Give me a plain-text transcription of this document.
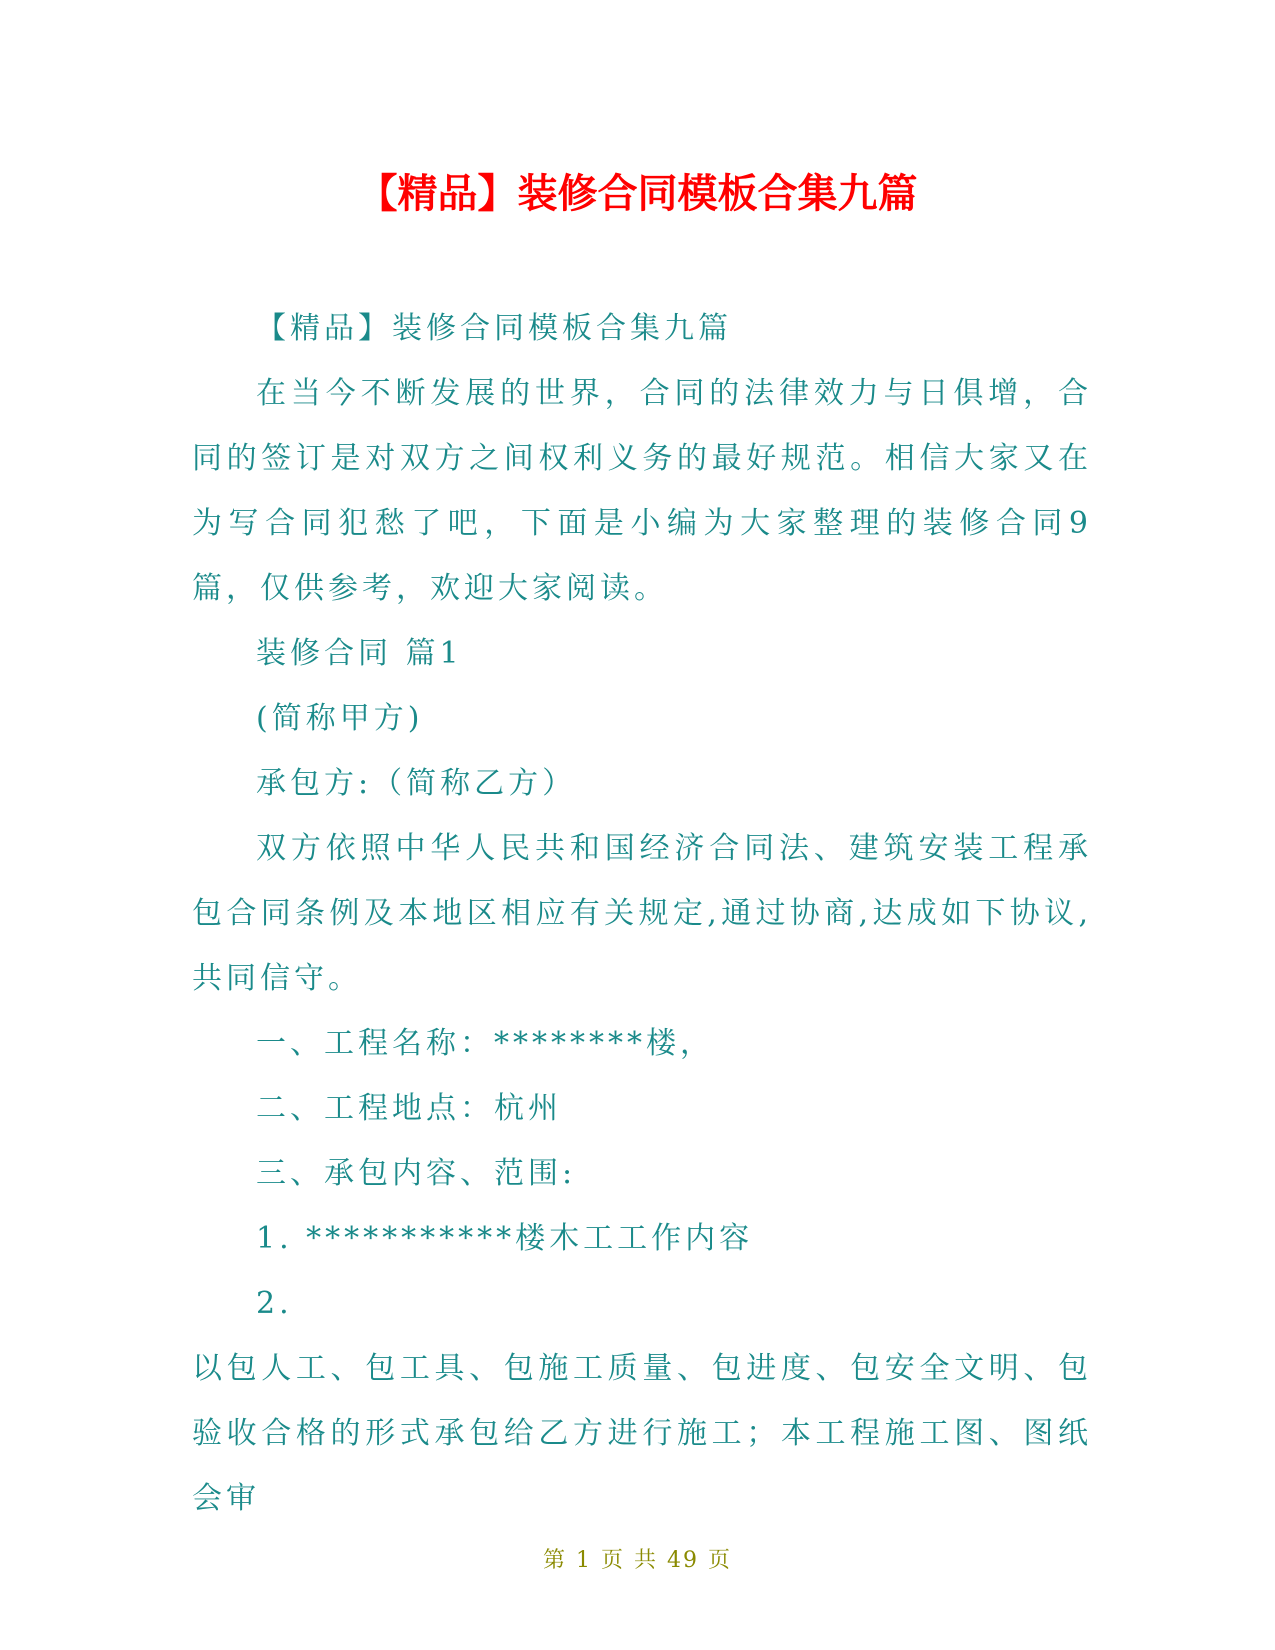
【精品】装修合同模板合集九篇

【精品】装修合同模板合集九篇

在当今不断发展的世界，合同的法律效力与日俱增，合同的签订是对双方之间权利义务的最好规范。相信大家又在为写合同犯愁了吧，下面是小编为大家整理的装修合同9篇，仅供参考，欢迎大家阅读。

装修合同 篇1

(简称甲方)

承包方:（简称乙方）

双方依照中华人民共和国经济合同法、建筑安装工程承包合同条例及本地区相应有关规定,通过协商,达成如下协议,共同信守。

一、工程名称：********楼，

二、工程地点：杭州

三、承包内容、范围:

1. ***********楼木工工作内容

2.

以包人工、包工具、包施工质量、包进度、包安全文明、包验收合格的形式承包给乙方进行施工；本工程施工图、图纸会审

第 1 页 共 49 页
